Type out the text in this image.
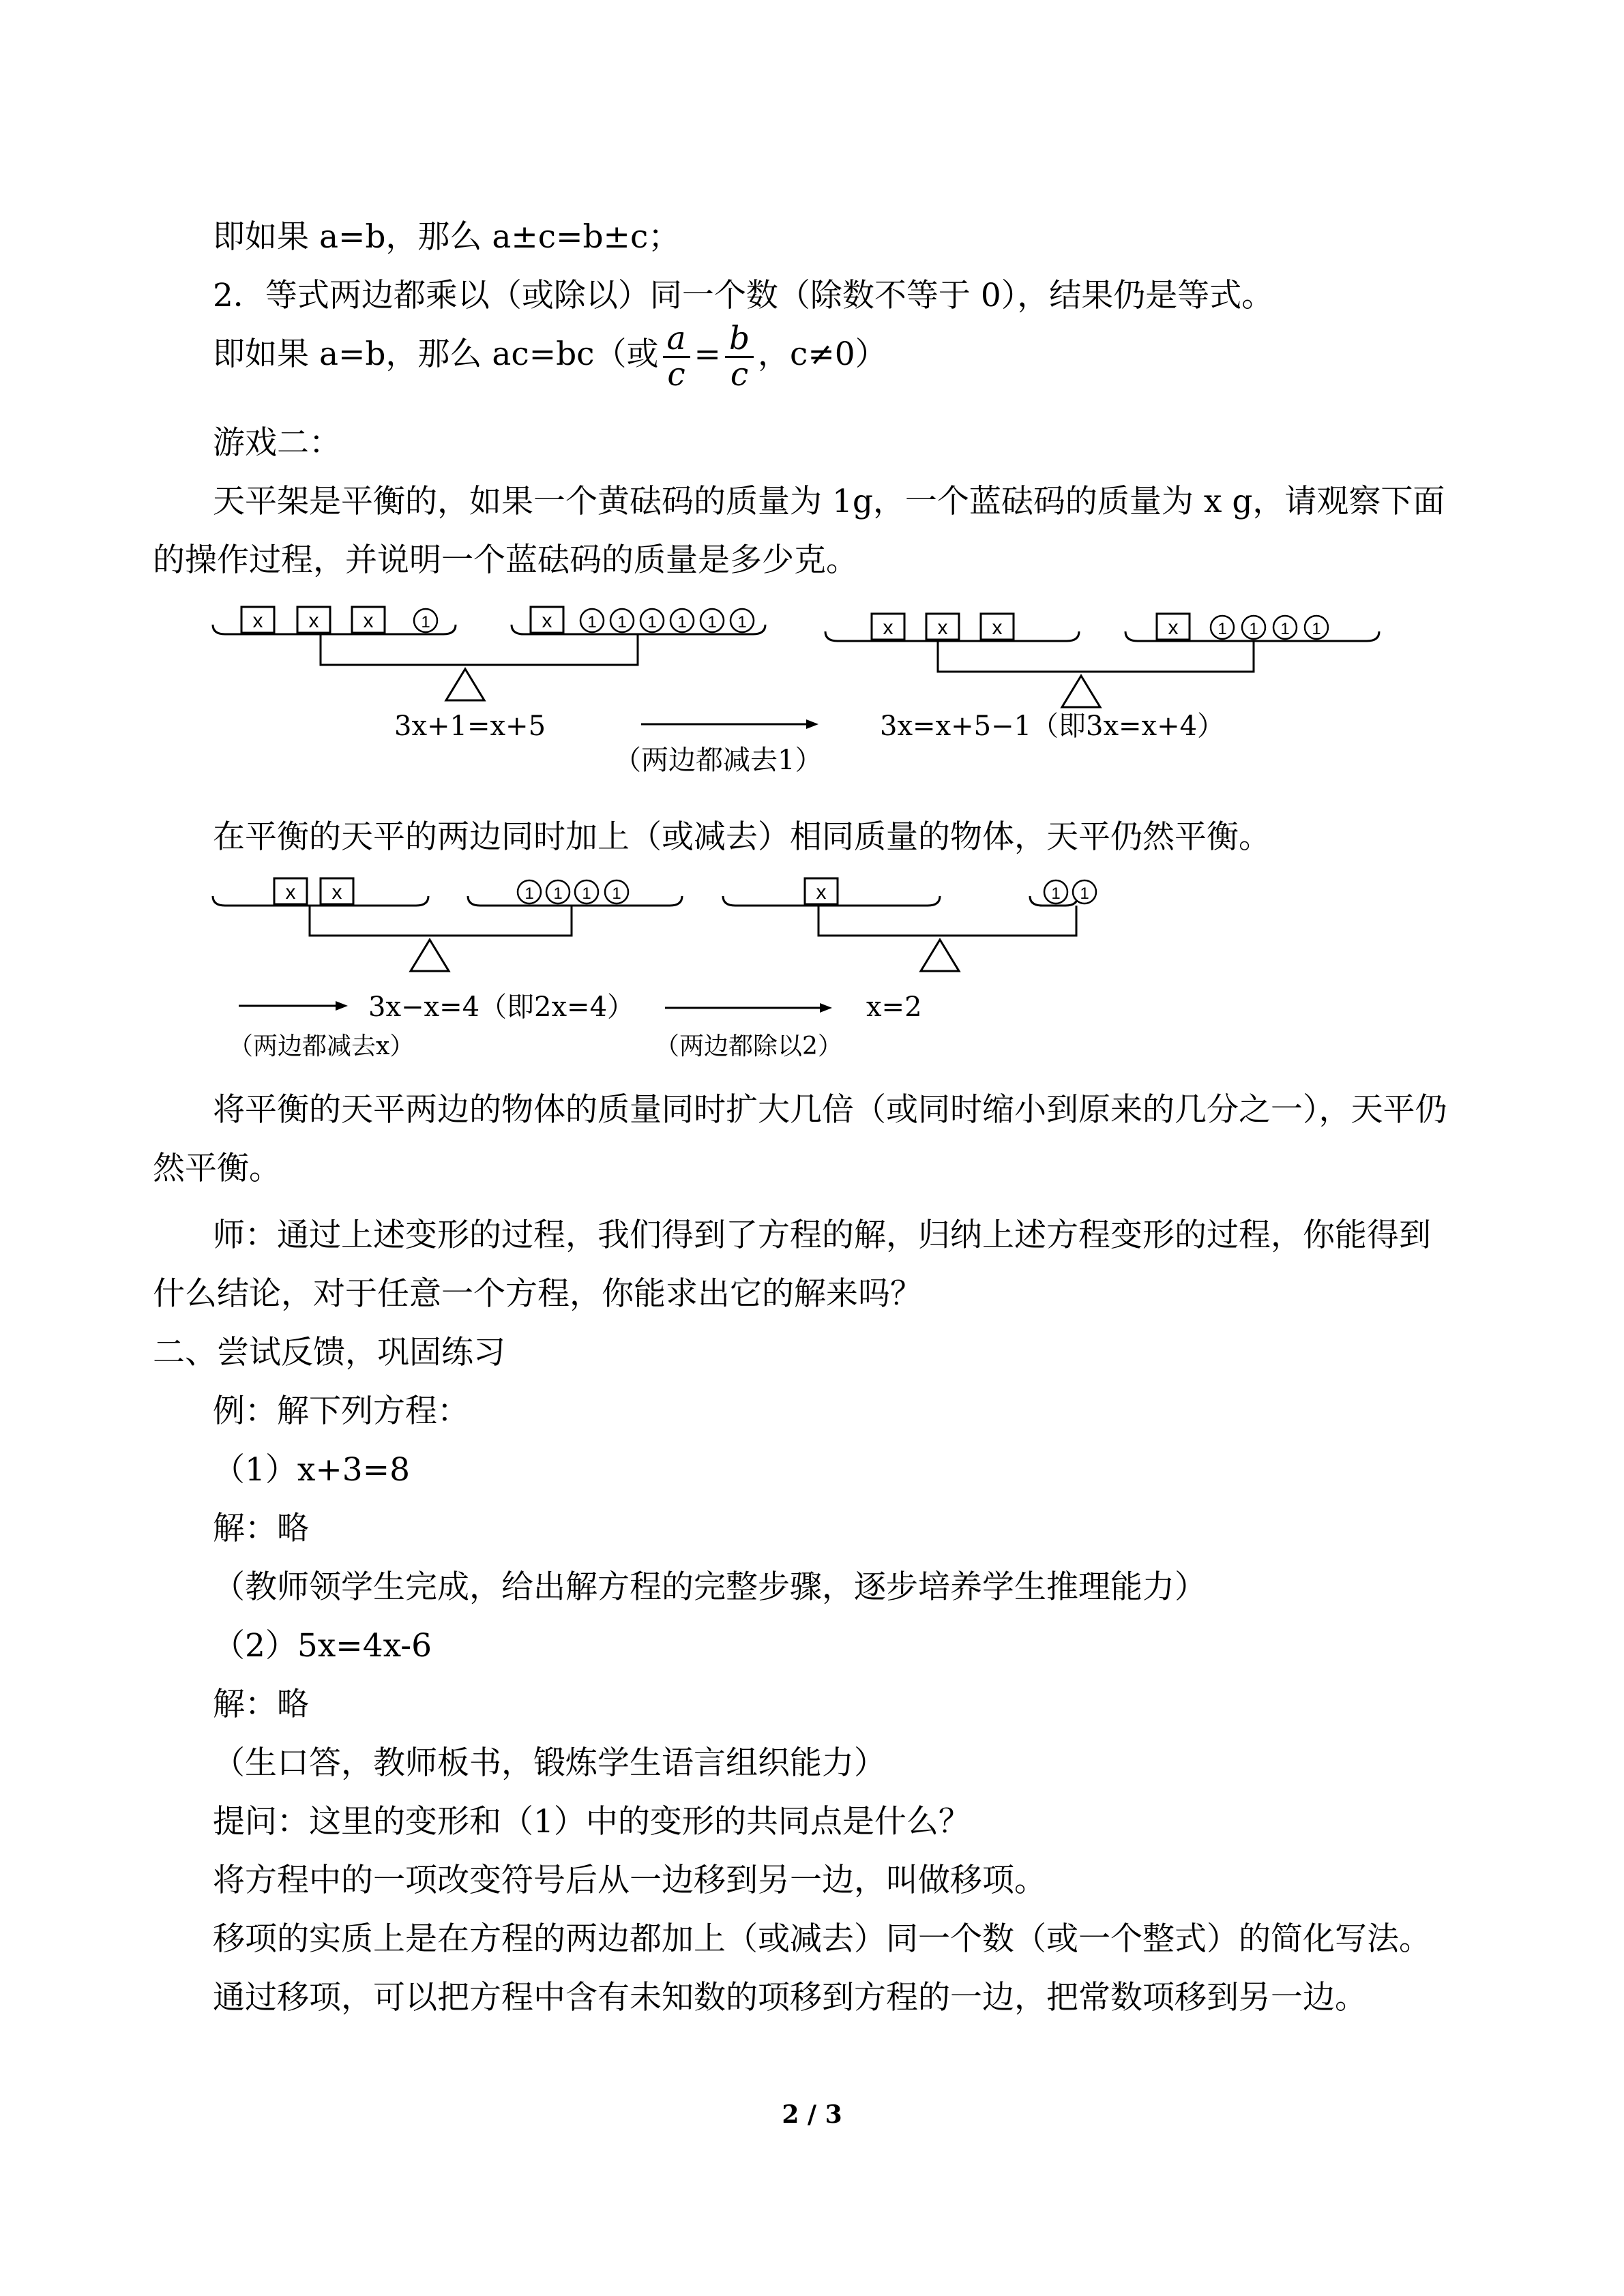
即如果 a=b，那么 a±c=b±c；
2．等式两边都乘以（或除以）同一个数（除数不等于 0），结果仍是等式。
即如果 a=b，那么 ac=bc（或 $\frac{a}{c} = \frac{b}{c}$ ，c≠0）
游戏二：
天平架是平衡的，如果一个黄砝码的质量为 1g，一个蓝砝码的质量为 x g，请观察下面
的操作过程，并说明一个蓝砝码的质量是多少克。
在平衡的天平的两边同时加上（或减去）相同质量的物体，天平仍然平衡。
将平衡的天平两边的物体的质量同时扩大几倍（或同时缩小到原来的几分之一），天平仍
然平衡。
师：通过上述变形的过程，我们得到了方程的解，归纳上述方程变形的过程，你能得到
什么结论，对于任意一个方程，你能求出它的解来吗？
二、尝试反馈，巩固练习
例：解下列方程：
（1）x+3=8
解：略
（教师领学生完成，给出解方程的完整步骤，逐步培养学生推理能力）
（2）5x=4x-6
解：略
（生口答，教师板书，锻炼学生语言组织能力）
提问：这里的变形和（1）中的变形的共同点是什么？
将方程中的一项改变符号后从一边移到另一边，叫做移项。
移项的实质上是在方程的两边都加上（或减去）同一个数（或一个整式）的简化写法。
通过移项，可以把方程中含有未知数的项移到方程的一边，把常数项移到另一边。
x x x	x
1	1 1 1 1 1 1	x x x	x 1 1 1 1
x x	1 1 1 1	x	1 1
3x+1=x+5	3x=x+5−1（即3x=x+4）
（两边都减去1）
3x−x=4（即2x=4）	x=2
（两边都减去x）	（两边都除以2）
2 / 3
